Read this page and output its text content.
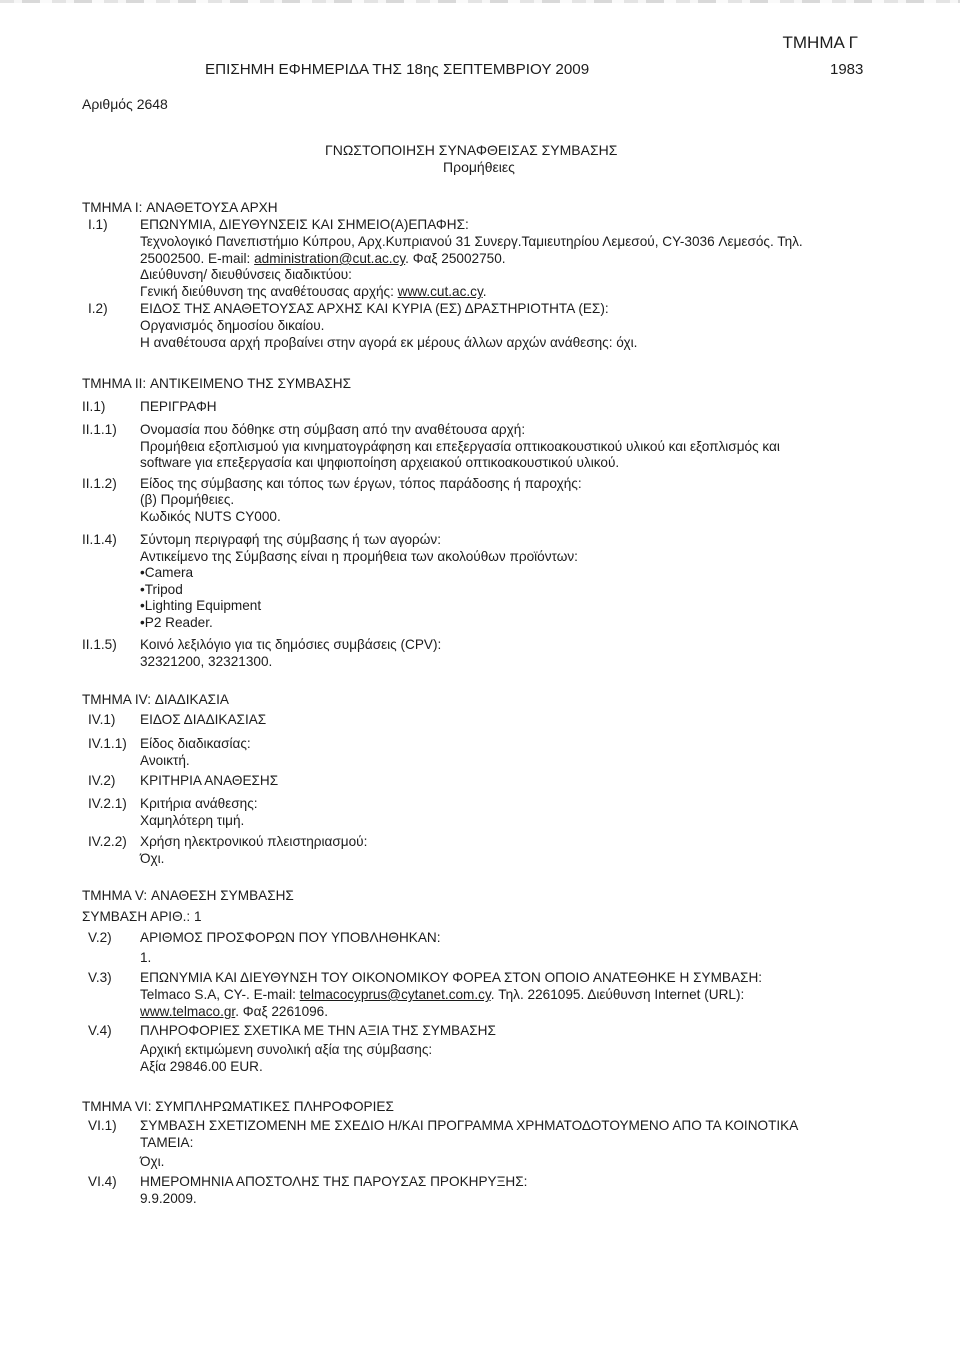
ΤΜΗΜΑ Γ
ΕΠΙΣΗΜΗ ΕΦΗΜΕΡΙΔΑ ΤΗΣ 18ης ΣΕΠΤΕΜΒΡΙΟΥ 2009	1983
Αριθμός 2648
ΓΝΩΣΤΟΠΟΙΗΣΗ ΣΥΝΑΦΘΕΙΣΑΣ ΣΥΜΒΑΣΗΣ
Προμήθειες
ΤΜΗΜΑ I: ΑΝΑΘΕΤΟΥΣΑ ΑΡΧΗ
I.1) ΕΠΩΝΥΜΙΑ, ΔΙΕΥΘΥΝΣΕΙΣ ΚΑΙ ΣΗΜΕΙΟ(Α)ΕΠΑΦΗΣ:
Τεχνολογικό Πανεπιστήμιο Κύπρου, Αρχ.Κυπριανού 31 Συνεργ.Ταμιευτηρίου Λεμεσού, CY-3036 Λεμεσός. Τηλ.
25002500. E-mail: administration@cut.ac.cy. Φαξ 25002750.
Διεύθυνση/ διευθύνσεις διαδικτύου:
Γενική διεύθυνση της αναθέτουσας αρχής: www.cut.ac.cy.
I.2) ΕΙΔΟΣ ΤΗΣ ΑΝΑΘΕΤΟΥΣΑΣ ΑΡΧΗΣ ΚΑΙ ΚΥΡΙΑ (ΕΣ) ΔΡΑΣΤΗΡΙΟΤΗΤΑ (ΕΣ):
Οργανισμός δημοσίου δικαίου.
Η αναθέτουσα αρχή προβαίνει στην αγορά εκ μέρους άλλων αρχών ανάθεσης: όχι.
ΤΜΗΜΑ II: ΑΝΤΙΚΕΙΜΕΝΟ ΤΗΣ ΣΥΜΒΑΣΗΣ
II.1)	ΠΕΡΙΓΡΑΦΗ
II.1.1) Ονομασία που δόθηκε στη σύμβαση από την αναθέτουσα αρχή:
Προμήθεια εξοπλισμού για κινηματογράφηση και επεξεργασία οπτικοακουστικού υλικού και εξοπλισμός και
software για επεξεργασία και ψηφιοποίηση αρχειακού οπτικοακουστικού υλικού.
II.1.2) Είδος της σύμβασης και τόπος των έργων, τόπος παράδοσης ή παροχής:
(β) Προμήθειες.
Κωδικός NUTS CY000.
II.1.4) Σύντομη περιγραφή της σύμβασης ή των αγορών:
Αντικείμενο της Σύμβασης είναι η προμήθεια των ακολούθων προϊόντων:
•Camera
•Tripod
•Lighting Equipment
•P2 Reader.
II.1.5) Κοινό λεξιλόγιο για τις δημόσιες συμβάσεις (CPV):
32321200, 32321300.
ΤΜΗΜΑ IV: ΔΙΑΔΙΚΑΣΙΑ
IV.1) ΕΙΔΟΣ ΔΙΑΔΙΚΑΣΙΑΣ
IV.1.1) Είδος διαδικασίας:
Ανοικτή.
IV.2) ΚΡΙΤΗΡΙΑ ΑΝΑΘΕΣΗΣ
IV.2.1) Κριτήρια ανάθεσης:
Χαμηλότερη τιμή.
IV.2.2) Χρήση ηλεκτρονικού πλειστηριασμού:
Όχι.
ΤΜΗΜΑ V: ΑΝΑΘΕΣΗ ΣΥΜΒΑΣΗΣ
ΣΥΜΒΑΣΗ ΑΡΙΘ.: 1
V.2) ΑΡΙΘΜΟΣ ΠΡΟΣΦΟΡΩΝ ΠΟΥ ΥΠΟΒΛΗΘΗΚΑΝ:
1.
V.3) ΕΠΩΝΥΜΙΑ ΚΑΙ ΔΙΕΥΘΥΝΣΗ ΤΟΥ ΟΙΚΟΝΟΜΙΚΟΥ ΦΟΡΕΑ ΣΤΟΝ ΟΠΟΙΟ ΑΝΑΤΕΘΗΚΕ Η ΣΥΜΒΑΣΗ:
Telmaco S.A, CY-. E-mail: telmacocyprus@cytanet.com.cy. Τηλ. 2261095. Διεύθυνση Internet (URL):
www.telmaco.gr. Φαξ 2261096.
V.4) ΠΛΗΡΟΦΟΡΙΕΣ ΣΧΕΤΙΚΑ ΜΕ ΤΗΝ ΑΞΙΑ ΤΗΣ ΣΥΜΒΑΣΗΣ
Αρχική εκτιμώμενη συνολική αξία της σύμβασης:
Αξία 29846.00 EUR.
ΤΜΗΜΑ VI: ΣΥΜΠΛΗΡΩΜΑΤΙΚΕΣ ΠΛΗΡΟΦΟΡΙΕΣ
VI.1) ΣΥΜΒΑΣΗ ΣΧΕΤΙΖΟΜΕΝΗ ΜΕ ΣΧΕΔΙΟ Η/ΚΑΙ ΠΡΟΓΡΑΜΜΑ ΧΡΗΜΑΤΟΔΟΤΟΥΜΕΝΟ ΑΠΟ ΤΑ ΚΟΙΝΟΤΙΚΑ
ΤΑΜΕΙΑ:
Όχι.
VI.4) ΗΜΕΡΟΜΗΝΙΑ ΑΠΟΣΤΟΛΗΣ ΤΗΣ ΠΑΡΟΥΣΑΣ ΠΡΟΚΗΡΥΞΗΣ:
9.9.2009.
